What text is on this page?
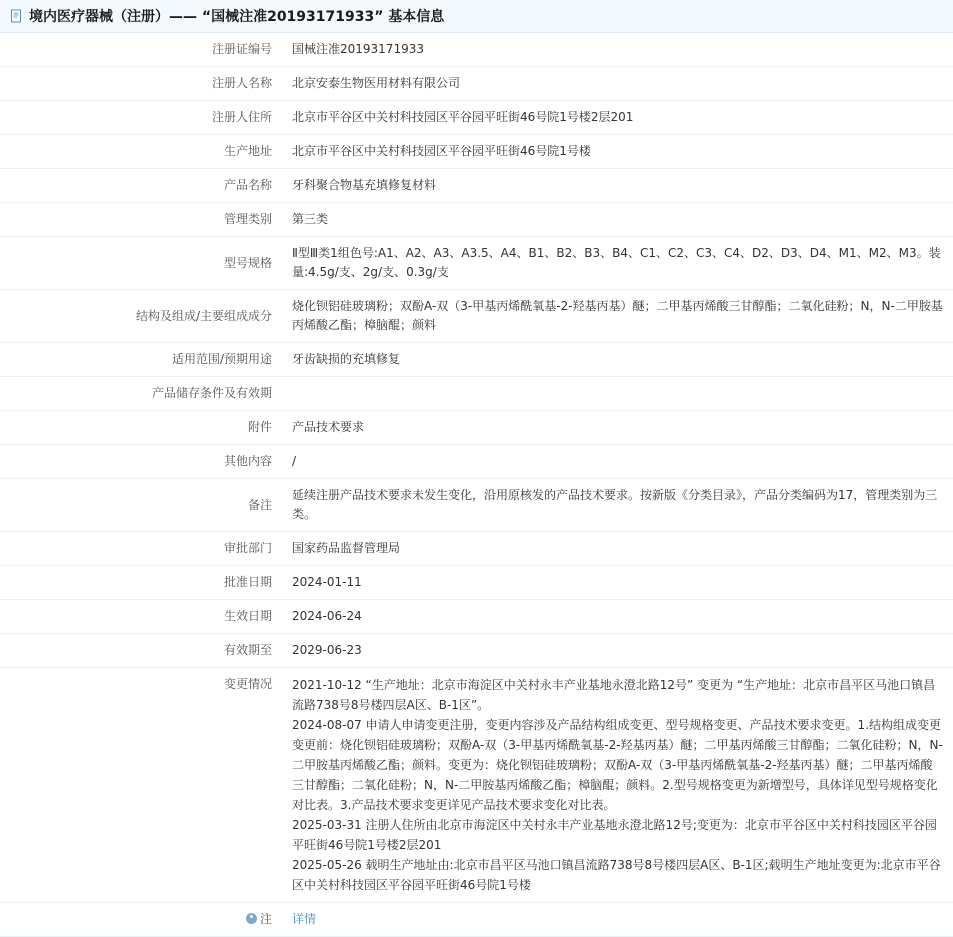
境内医疗器械（注册）—— “国械注准20193171933” 基本信息
注册证编号	国械注准20193171933
注册人名称	北京安泰生物医用材料有限公司
注册人住所	北京市平谷区中关村科技园区平谷园平旺街46号院1号楼2层201
生产地址	北京市平谷区中关村科技园区平谷园平旺街46号院1号楼
产品名称	牙科聚合物基充填修复材料
管理类别	第三类
型号规格	Ⅱ型Ⅲ类1组色号:A1、A2、A3、A3.5、A4、B1、B2、B3、B4、C1、C2、C3、C4、D2、D3、D4、M1、M2、M3。装量:4.5g/支、2g/支、0.3g/支
结构及组成/主要组成成分	烧化钡铝硅玻璃粉；双酚A-双（3-甲基丙烯酰氧基-2-羟基丙基）醚；二甲基丙烯酸三甘醇酯；二氧化硅粉；N，N-二甲胺基丙烯酸乙酯；樟脑醌；颜料
适用范围/预期用途	牙齿缺损的充填修复
产品储存条件及有效期	
附件	产品技术要求
其他内容	/
备注	延续注册产品技术要求未发生变化，沿用原核发的产品技术要求。按新版《分类目录》，产品分类编码为17，管理类别为三类。
审批部门	国家药品监督管理局
批准日期	2024-01-11
生效日期	2024-06-24
有效期至	2029-06-23
变更情况	2021-10-12 “生产地址：北京市海淀区中关村永丰产业基地永澄北路12号” 变更为 “生产地址：北京市昌平区马池口镇昌流路738号8号楼四层A区、B-1区”。
2024-08-07 申请人申请变更注册，变更内容涉及产品结构组成变更、型号规格变更、产品技术要求变更。1.结构组成变更变更前：烧化钡铝硅玻璃粉；双酚A-双（3-甲基丙烯酰氧基-2-羟基丙基）醚；二甲基丙烯酸三甘醇酯；二氧化硅粉；N，N-二甲胺基丙烯酸乙酯；颜料。变更为：烧化钡铝硅玻璃粉；双酚A-双（3-甲基丙烯酰氧基-2-羟基丙基）醚；二甲基丙烯酸三甘醇酯；二氧化硅粉；N，N-二甲胺基丙烯酸乙酯；樟脑醌；颜料。2.型号规格变更为新增型号，具体详见型号规格变化对比表。3.产品技术要求变更详见产品技术要求变化对比表。
2025-03-31 注册人住所由北京市海淀区中关村永丰产业基地永澄北路12号;变更为：北京市平谷区中关村科技园区平谷园平旺街46号院1号楼2层201
2025-05-26 载明生产地址由:北京市昌平区马池口镇昌流路738号8号楼四层A区、B-1区;载明生产地址变更为:北京市平谷区中关村科技园区平谷园平旺街46号院1号楼

注	详情
